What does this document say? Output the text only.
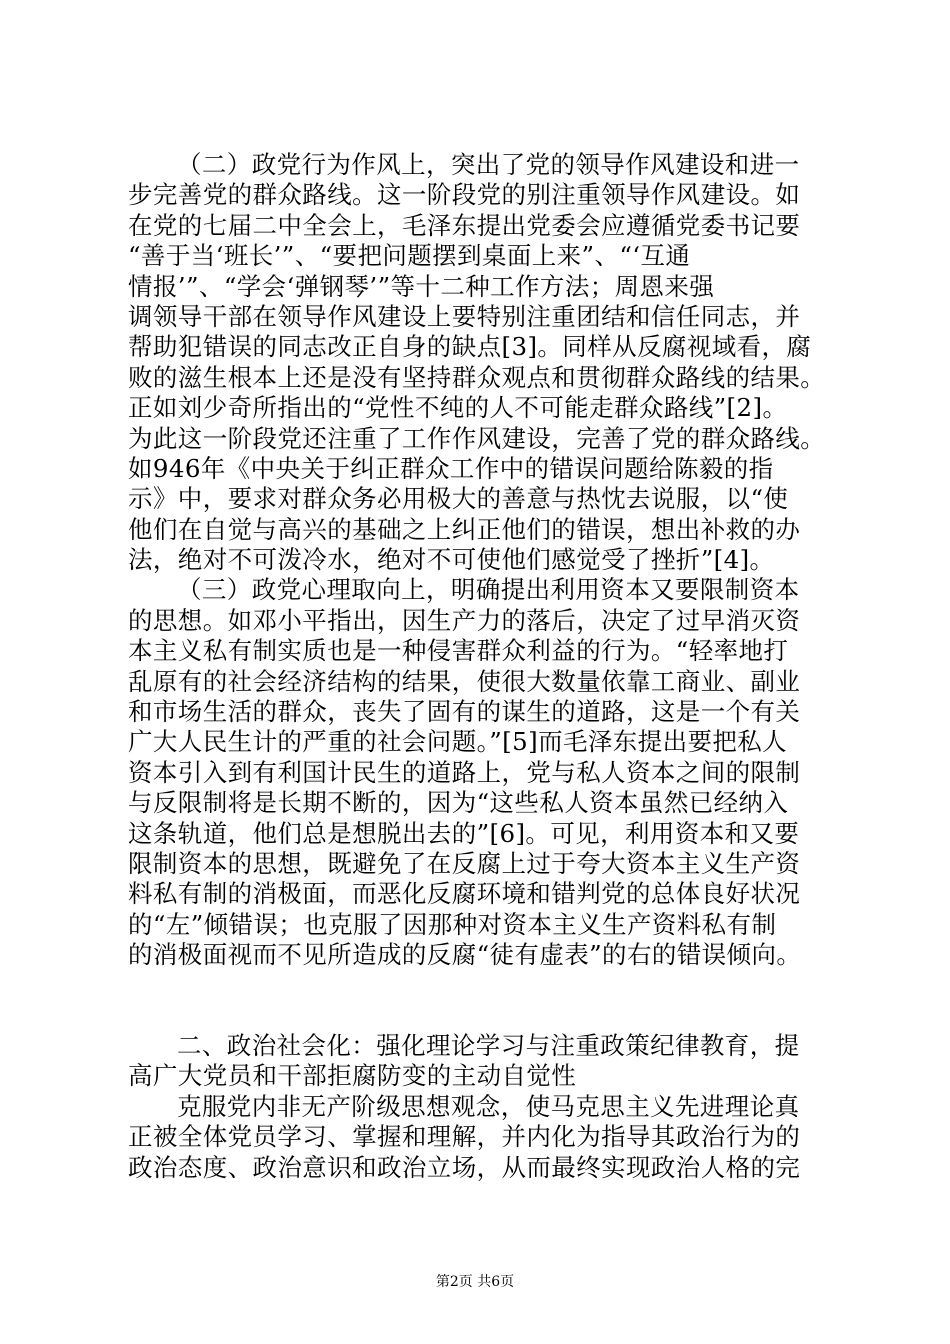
（二）政党行为作风上，突出了党的领导作风建设和进一
步完善党的群众路线。这一阶段党的别注重领导作风建设。如
在党的七届二中全会上，毛泽东提出党委会应遵循党委书记要
“善于当‘班长’”、“要把问题摆到桌面上来”、“‘互通
情报’”、“学会‘弹钢琴’”等十二种工作方法；周恩来强
调领导干部在领导作风建设上要特别注重团结和信任同志，并
帮助犯错误的同志改正自身的缺点[3]。同样从反腐视域看，腐
败的滋生根本上还是没有坚持群众观点和贯彻群众路线的结果。
正如刘少奇所指出的“党性不纯的人不可能走群众路线”[2]。
为此这一阶段党还注重了工作作风建设，完善了党的群众路线。
如946年《中央关于纠正群众工作中的错误问题给陈毅的指
示》中，要求对群众务必用极大的善意与热忱去说服，以“使
他们在自觉与高兴的基础之上纠正他们的错误，想出补救的办
法，绝对不可泼冷水，绝对不可使他们感觉受了挫折”[4]。
（三）政党心理取向上，明确提出利用资本又要限制资本
的思想。如邓小平指出，因生产力的落后，决定了过早消灭资
本主义私有制实质也是一种侵害群众利益的行为。“轻率地打
乱原有的社会经济结构的结果，使很大数量依靠工商业、副业
和市场生活的群众，丧失了固有的谋生的道路，这是一个有关
广大人民生计的严重的社会问题。”[5]而毛泽东提出要把私人
资本引入到有利国计民生的道路上，党与私人资本之间的限制
与反限制将是长期不断的，因为“这些私人资本虽然已经纳入
这条轨道，他们总是想脱出去的”[6]。可见，利用资本和又要
限制资本的思想，既避免了在反腐上过于夸大资本主义生产资
料私有制的消极面，而恶化反腐环境和错判党的总体良好状况
的“左”倾错误；也克服了因那种对资本主义生产资料私有制
的消极面视而不见所造成的反腐“徒有虚表”的右的错误倾向。
二、政治社会化：强化理论学习与注重政策纪律教育，提
高广大党员和干部拒腐防变的主动自觉性
克服党内非无产阶级思想观念，使马克思主义先进理论真
正被全体党员学习、掌握和理解，并内化为指导其政治行为的
政治态度、政治意识和政治立场，从而最终实现政治人格的完
第2页 共6页
